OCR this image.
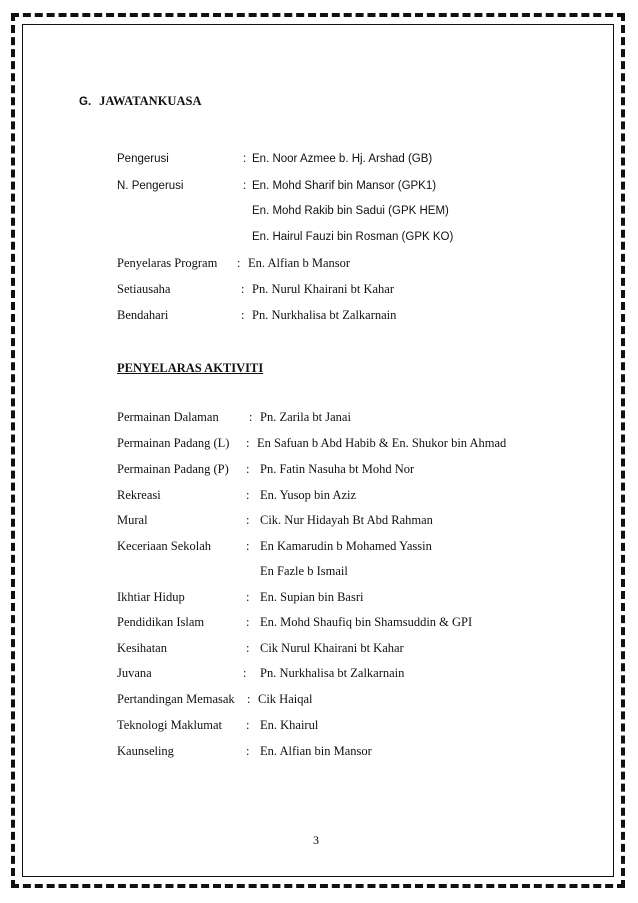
G. JAWATANKUASA
Pengerusi	: En. Noor Azmee b. Hj. Arshad (GB)
N. Pengerusi	: En. Mohd Sharif bin Mansor (GPK1)
En. Mohd Rakib bin Sadui (GPK HEM)
En. Hairul Fauzi bin Rosman (GPK KO)
Penyelaras Program : En. Alfian b Mansor
Setiausaha	: Pn. Nurul Khairani bt Kahar
Bendahari	: Pn. Nurkhalisa bt Zalkarnain
PENYELARAS AKTIVITI
Permainan Dalaman : Pn. Zarila bt Janai
Permainan Padang (L) : En Safuan b Abd Habib & En. Shukor bin Ahmad
Permainan Padang (P) : Pn. Fatin Nasuha bt Mohd Nor
Rekreasi	: En. Yusop bin Aziz
Mural	: Cik. Nur Hidayah Bt Abd Rahman
Keceriaan Sekolah	: En Kamarudin b Mohamed Yassin
En Fazle b Ismail
Ikhtiar Hidup	: En. Supian bin Basri
Pendidikan Islam	: En. Mohd Shaufiq bin Shamsuddin & GPI
Kesihatan	: Cik Nurul Khairani bt Kahar
Juvana	: Pn. Nurkhalisa bt Zalkarnain
Pertandingan Memasak : Cik Haiqal
Teknologi Maklumat : En. Khairul
Kaunseling	: En. Alfian bin Mansor
3
